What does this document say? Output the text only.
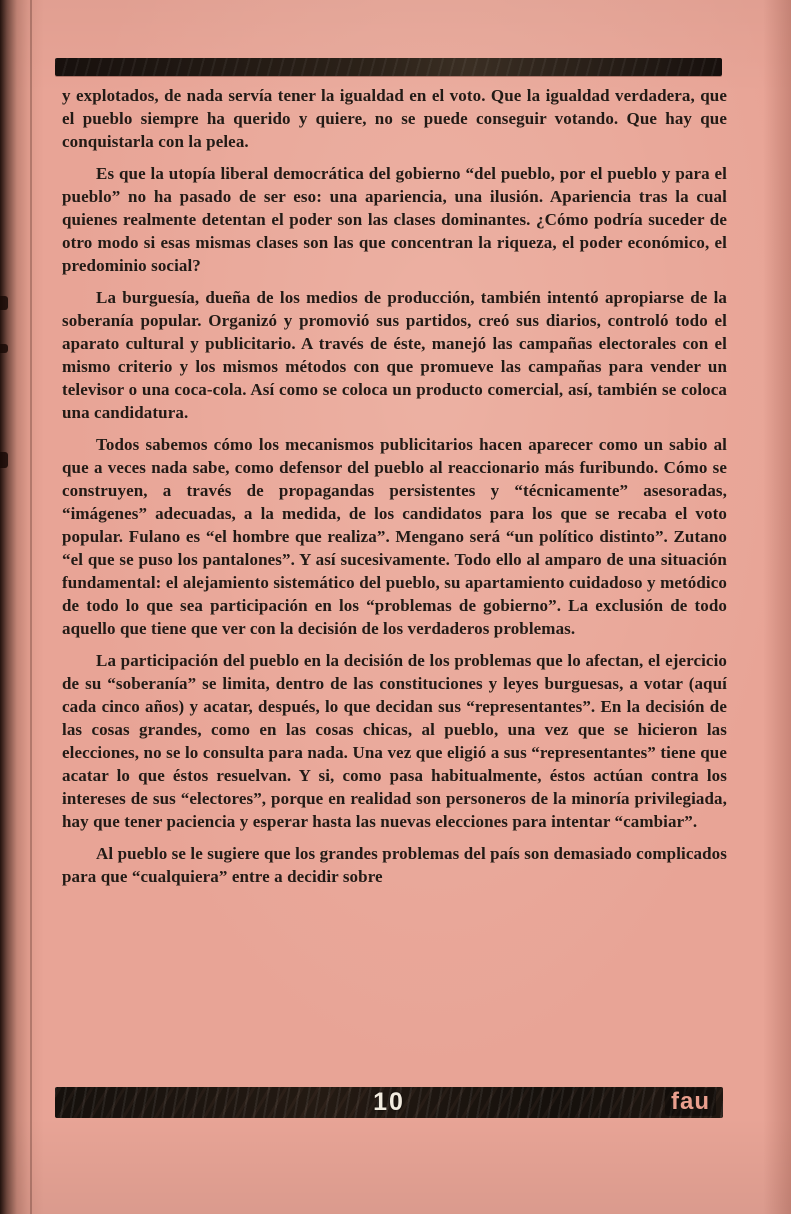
y explotados, de nada servía tener la igualdad en el voto. Que la igualdad verdadera, que el pueblo siempre ha querido y quiere, no se puede conseguir votando. Que hay que conquistarla con la pelea.

Es que la utopía liberal democrática del gobierno “del pueblo, por el pueblo y para el pueblo” no ha pasado de ser eso: una apariencia, una ilusión. Apariencia tras la cual quienes realmente detentan el poder son las clases dominantes. ¿Cómo podría suceder de otro modo si esas mismas clases son las que concentran la riqueza, el poder económico, el predominio social?

La burguesía, dueña de los medios de producción, también intentó apropiarse de la soberanía popular. Organizó y promovió sus partidos, creó sus diarios, controló todo el aparato cultural y publicitario. A través de éste, manejó las campañas electorales con el mismo criterio y los mismos métodos con que promueve las campañas para vender un televisor o una coca-cola. Así como se coloca un producto comercial, así, también se coloca una candidatura.

Todos sabemos cómo los mecanismos publicitarios hacen aparecer como un sabio al que a veces nada sabe, como defensor del pueblo al reaccionario más furibundo. Cómo se construyen, a través de propagandas persistentes y “técnicamente” asesoradas, “imágenes” adecuadas, a la medida, de los candidatos para los que se recaba el voto popular. Fulano es “el hombre que realiza”. Mengano será “un político distinto”. Zutano “el que se puso los pantalones”. Y así sucesivamente. Todo ello al amparo de una situación fundamental: el alejamiento sistemático del pueblo, su apartamiento cuidadoso y metódico de todo lo que sea participación en los “problemas de gobierno”. La exclusión de todo aquello que tiene que ver con la decisión de los verdaderos problemas.

La participación del pueblo en la decisión de los problemas que lo afectan, el ejercicio de su “soberanía” se limita, dentro de las constituciones y leyes burguesas, a votar (aquí cada cinco años) y acatar, después, lo que decidan sus “representantes”. En la decisión de las cosas grandes, como en las cosas chicas, al pueblo, una vez que se hicieron las elecciones, no se lo consulta para nada. Una vez que eligió a sus “representantes” tiene que acatar lo que éstos resuelvan. Y si, como pasa habitualmente, éstos actúan contra los intereses de sus “electores”, porque en realidad son personeros de la minoría privilegiada, hay que tener paciencia y esperar hasta las nuevas elecciones para intentar “cambiar”.

Al pueblo se le sugiere que los grandes problemas del país son demasiado complicados para que “cualquiera” entre a decidir sobre

10	fau
